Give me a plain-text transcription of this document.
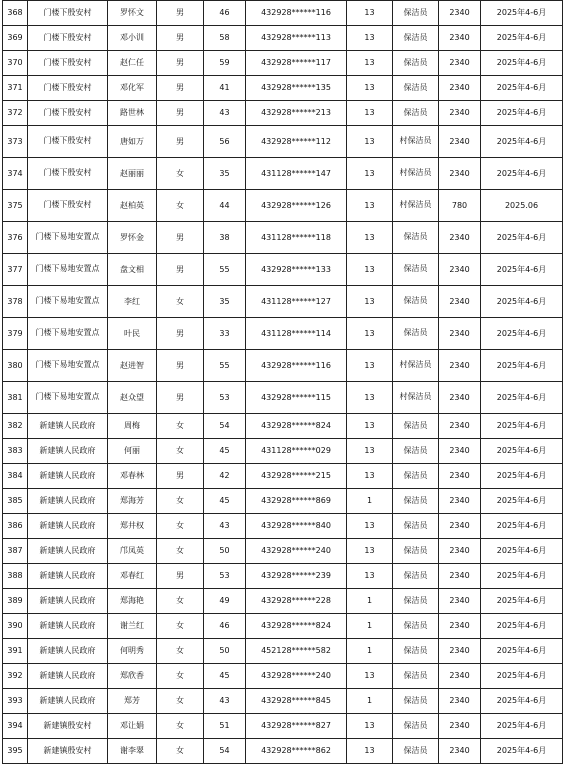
368	门楼下殷安村	罗怀文	男	46	432928******116	13	保洁员	2340	2025年4-6月
369	门楼下殷安村	邓小训	男	58	432928******113	13	保洁员	2340	2025年4-6月
370	门楼下殷安村	赵仁任	男	59	432928******117	13	保洁员	2340	2025年4-6月
371	门楼下殷安村	邓化军	男	41	432928******135	13	保洁员	2340	2025年4-6月
372	门楼下殷安村	路世林	男	43	432928******213	13	保洁员	2340	2025年4-6月
373	门楼下殷安村	唐如万	男	56	432928******112	13	村保洁员	2340	2025年4-6月
374	门楼下殷安村	赵丽丽	女	35	431128******147	13	村保洁员	2340	2025年4-6月
375	门楼下殷安村	赵柏英	女	44	432928******126	13	村保洁员	780	2025.06
376	门楼下易地安置点	罗怀金	男	38	431128******118	13	保洁员	2340	2025年4-6月
377	门楼下易地安置点	盘文相	男	55	432928******133	13	保洁员	2340	2025年4-6月
378	门楼下易地安置点	李红	女	35	431128******127	13	保洁员	2340	2025年4-6月
379	门楼下易地安置点	叶民	男	33	431128******114	13	保洁员	2340	2025年4-6月
380	门楼下易地安置点	赵进智	男	55	432928******116	13	村保洁员	2340	2025年4-6月
381	门楼下易地安置点	赵众望	男	53	432928******115	13	村保洁员	2340	2025年4-6月
382	新建镇人民政府	周梅	女	54	432928******824	13	保洁员	2340	2025年4-6月
383	新建镇人民政府	何丽	女	45	431128******029	13	保洁员	2340	2025年4-6月
384	新建镇人民政府	邓春林	男	42	432928******215	13	保洁员	2340	2025年4-6月
385	新建镇人民政府	郑海芳	女	45	432928******869	1	保洁员	2340	2025年4-6月
386	新建镇人民政府	郑井权	女	43	432928******840	13	保洁员	2340	2025年4-6月
387	新建镇人民政府	邝凤英	女	50	432928******240	13	保洁员	2340	2025年4-6月
388	新建镇人民政府	邓春红	男	53	432928******239	13	保洁员	2340	2025年4-6月
389	新建镇人民政府	郑海艳	女	49	432928******228	1	保洁员	2340	2025年4-6月
390	新建镇人民政府	谢兰红	女	46	432928******824	1	保洁员	2340	2025年4-6月
391	新建镇人民政府	何明秀	女	50	452128******582	1	保洁员	2340	2025年4-6月
392	新建镇人民政府	郑欣香	女	45	432928******240	13	保洁员	2340	2025年4-6月
393	新建镇人民政府	郑芳	女	43	432928******845	1	保洁员	2340	2025年4-6月
394	新建镇殷安村	邓让娟	女	51	432928******827	13	保洁员	2340	2025年4-6月
395	新建镇殷安村	谢李翠	女	54	432928******862	13	保洁员	2340	2025年4-6月
